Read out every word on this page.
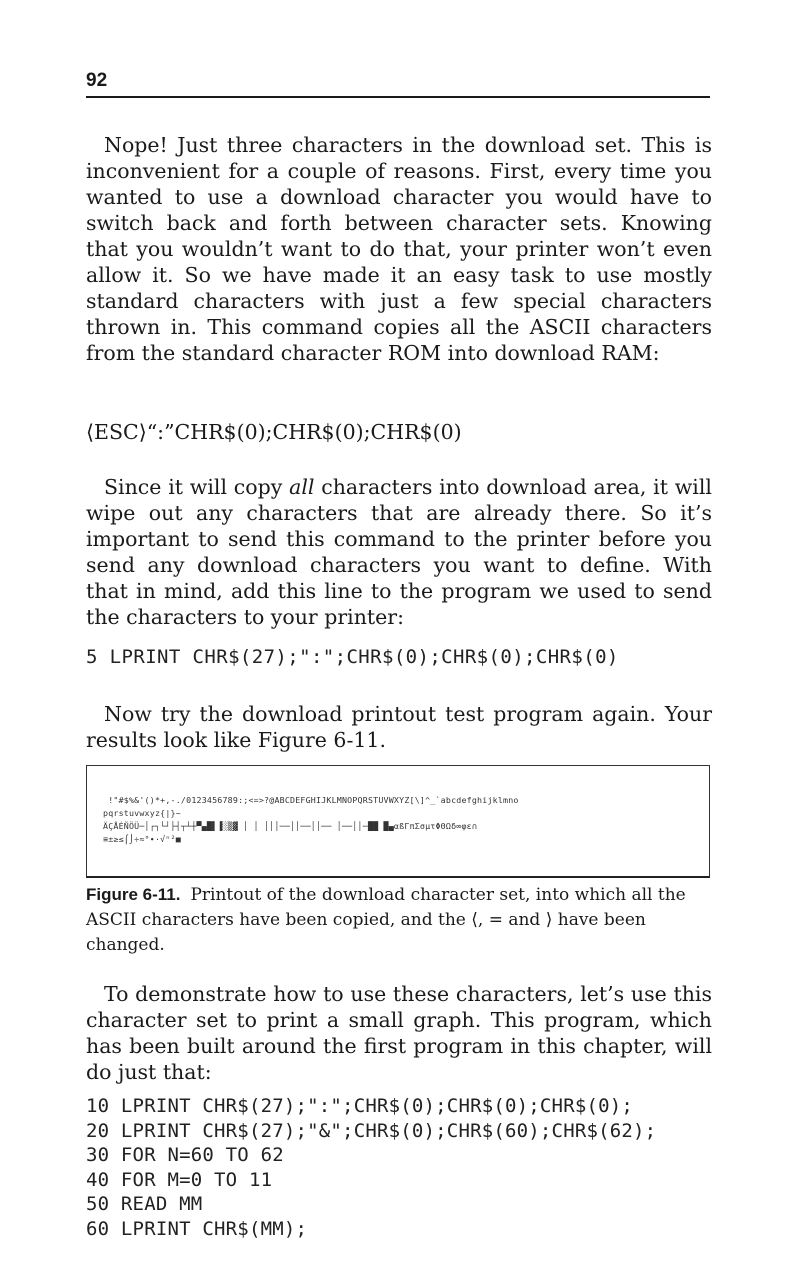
92

Nope! Just three characters in the download set. This is inconvenient for a couple of reasons. First, every time you wanted to use a download character you would have to switch back and forth between character sets. Knowing that you wouldn’t want to do that, your printer won’t even allow it. So we have made it an easy task to use mostly standard characters with just a few special characters thrown in. This command copies all the ASCII characters from the standard character ROM into download RAM:

⟨ESC⟩“:”CHR$(0);CHR$(0);CHR$(0)

Since it will copy all characters into download area, it will wipe out any characters that are already there. So it’s important to send this command to the printer before you send any download characters you want to define. With that in mind, add this line to the program we used to send the characters to your printer:

5 LPRINT CHR$(27);":";CHR$(0);CHR$(0);CHR$(0)

Now try the download printout test program again. Your results look like Figure 6-11.

!"#$%&'()*+,-./0123456789:;<=>?@ABCDEFGHIJKLMNOPQRSTUVWXYZ[\]^_`abcdefghijklmno
pqrstuvwxyz{|}~
ÄÇÅÉÑÖÜ─│┌┐└┘├┤┬┴┼▀▄█▌▐░▒▓ │ │ │││──││──││── │──││─██ █▄αßΓπΣσµτΦΘΩδ∞φε∩
≡±≥≤⌠⌡÷≈°∙·√ⁿ²■

Figure 6-11. Printout of the download character set, into which all the ASCII characters have been copied, and the ⟨, = and ⟩ have been changed.

To demonstrate how to use these characters, let’s use this character set to print a small graph. This program, which has been built around the first program in this chapter, will do just that:

10 LPRINT CHR$(27);":";CHR$(0);CHR$(0);CHR$(0);
20 LPRINT CHR$(27);"&";CHR$(0);CHR$(60);CHR$(62);
30 FOR N=60 TO 62
40 FOR M=0 TO 11
50 READ MM
60 LPRINT CHR$(MM);
